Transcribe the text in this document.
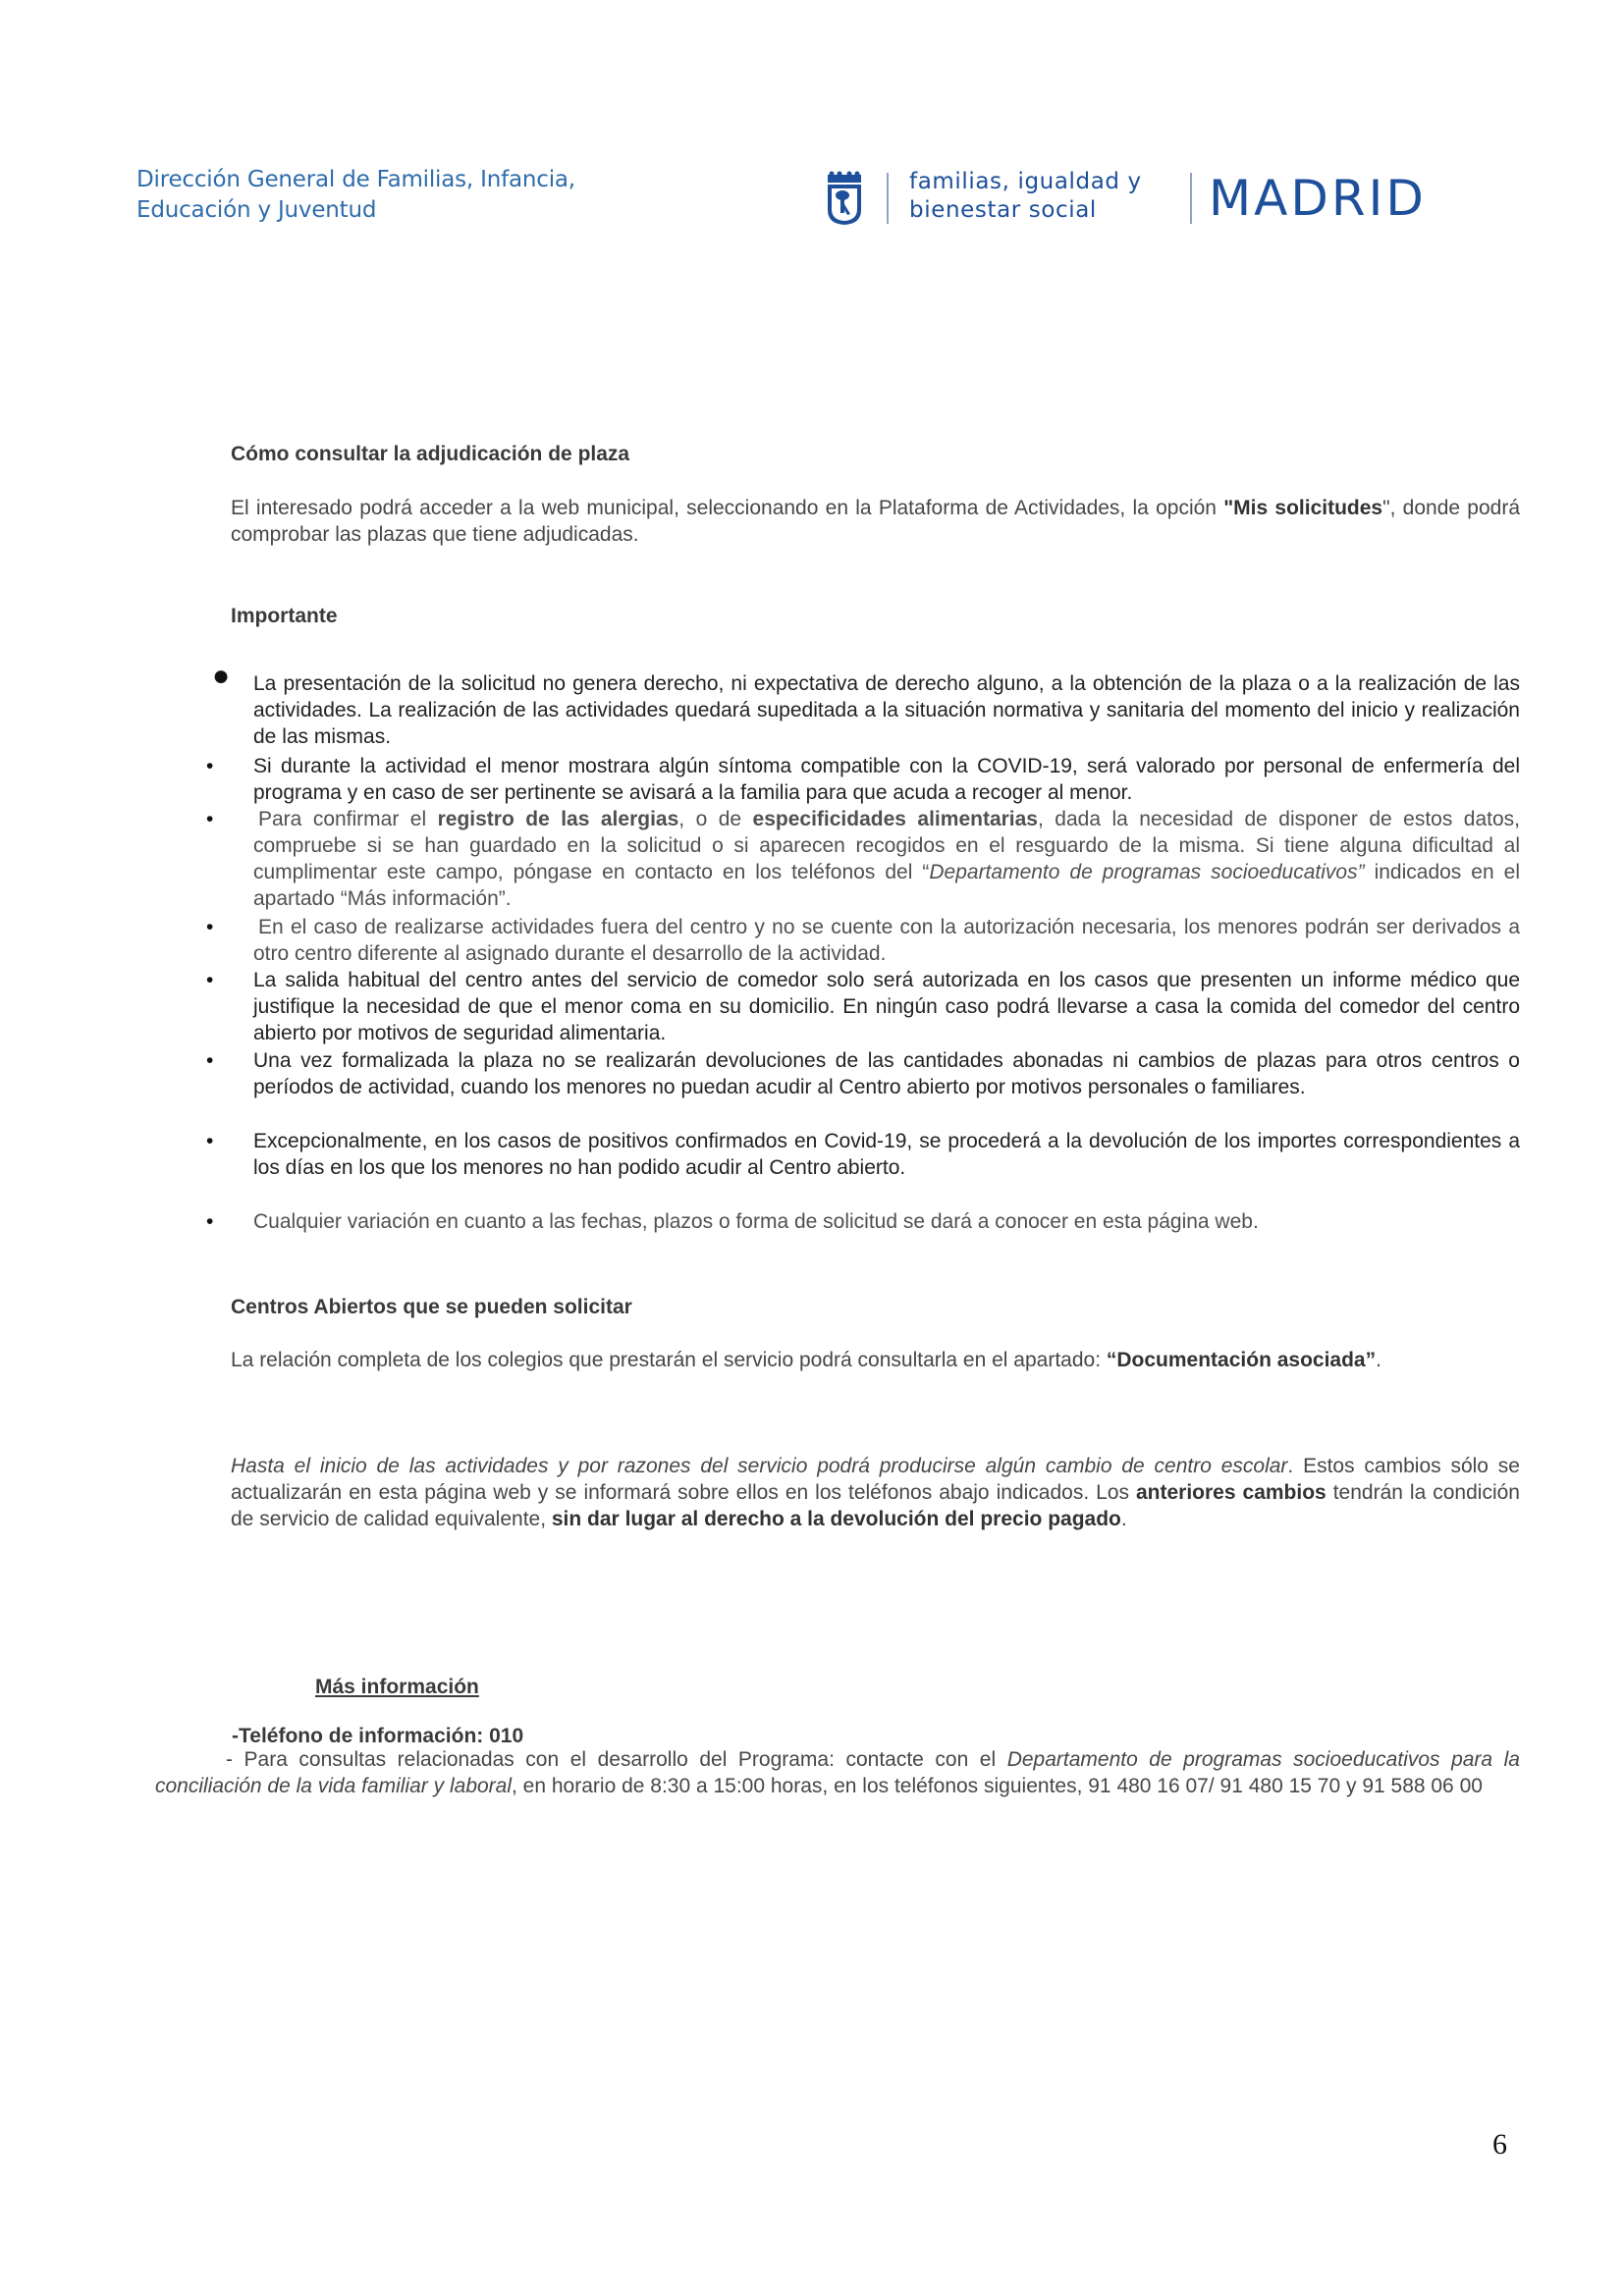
Dirección General de Familias, Infancia,
Educación y Juventud
familias, igualdad y
bienestar social	MADRID
Cómo consultar la adjudicación de plaza
El interesado podrá acceder a la web municipal, seleccionando en la Plataforma de Actividades, la opción "Mis solicitudes", donde podrá comprobar las plazas que tiene adjudicadas.
Importante
●	La presentación de la solicitud no genera derecho, ni expectativa de derecho alguno, a la obtención de la plaza o a la realización de las actividades. La realización de las actividades quedará supeditada a la situación normativa y sanitaria del momento del inicio y realización de las mismas.
•	Si durante la actividad el menor mostrara algún síntoma compatible con la COVID-19, será valorado por personal de enfermería del programa y en caso de ser pertinente se avisará a la familia para que acuda a recoger al menor.
•	Para confirmar el registro de las alergias, o de especificidades alimentarias, dada la necesidad de disponer de estos datos, compruebe si se han guardado en la solicitud o si aparecen recogidos en el resguardo de la misma. Si tiene alguna dificultad al cumplimentar este campo, póngase en contacto en los teléfonos del “Departamento de programas socioeducativos” indicados en el apartado “Más información”.
•	En el caso de realizarse actividades fuera del centro y no se cuente con la autorización necesaria, los menores podrán ser derivados a otro centro diferente al asignado durante el desarrollo de la actividad.
•	La salida habitual del centro antes del servicio de comedor solo será autorizada en los casos que presenten un informe médico que justifique la necesidad de que el menor coma en su domicilio. En ningún caso podrá llevarse a casa la comida del comedor del centro abierto por motivos de seguridad alimentaria.
•	Una vez formalizada la plaza no se realizarán devoluciones de las cantidades abonadas ni cambios de plazas para otros centros o períodos de actividad, cuando los menores no puedan acudir al Centro abierto por motivos personales o familiares.
•	Excepcionalmente, en los casos de positivos confirmados en Covid-19, se procederá a la devolución de los importes correspondientes a los días en los que los menores no han podido acudir al Centro abierto.
•	Cualquier variación en cuanto a las fechas, plazos o forma de solicitud se dará a conocer en esta página web.
Centros Abiertos que se pueden solicitar
La relación completa de los colegios que prestarán el servicio podrá consultarla en el apartado: “Documentación asociada”.
Hasta el inicio de las actividades y por razones del servicio podrá producirse algún cambio de centro escolar. Estos cambios sólo se actualizarán en esta página web y se informará sobre ellos en los teléfonos abajo indicados. Los anteriores cambios tendrán la condición de servicio de calidad equivalente, sin dar lugar al derecho a la devolución del precio pagado.
Más información
-Teléfono de información: 010
- Para consultas relacionadas con el desarrollo del Programa: contacte con el Departamento de programas socioeducativos para la conciliación de la vida familiar y laboral, en horario de 8:30 a 15:00 horas, en los teléfonos siguientes, 91 480 16 07/ 91 480 15 70 y 91 588 06 00
6
